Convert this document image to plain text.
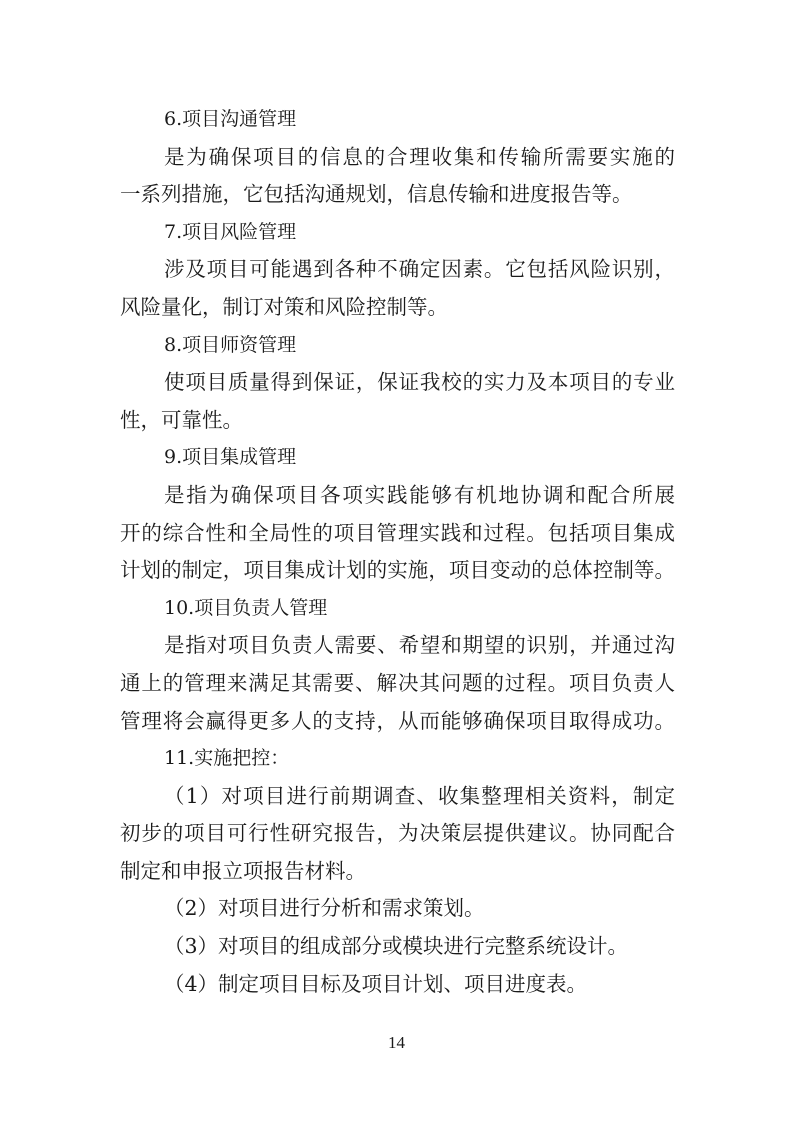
6.项目沟通管理
是为确保项目的信息的合理收集和传输所需要实施的
一系列措施，它包括沟通规划，信息传输和进度报告等。
7.项目风险管理
涉及项目可能遇到各种不确定因素。它包括风险识别，
风险量化，制订对策和风险控制等。
8.项目师资管理
使项目质量得到保证，保证我校的实力及本项目的专业
性，可靠性。
9.项目集成管理
是指为确保项目各项实践能够有机地协调和配合所展
开的综合性和全局性的项目管理实践和过程。包括项目集成
计划的制定，项目集成计划的实施，项目变动的总体控制等。
10.项目负责人管理
是指对项目负责人需要、希望和期望的识别，并通过沟
通上的管理来满足其需要、解决其问题的过程。项目负责人
管理将会赢得更多人的支持，从而能够确保项目取得成功。
11.实施把控：
（1）对项目进行前期调查、收集整理相关资料，制定
初步的项目可行性研究报告，为决策层提供建议。协同配合
制定和申报立项报告材料。
（2）对项目进行分析和需求策划。
（3）对项目的组成部分或模块进行完整系统设计。
（4）制定项目目标及项目计划、项目进度表。
14
